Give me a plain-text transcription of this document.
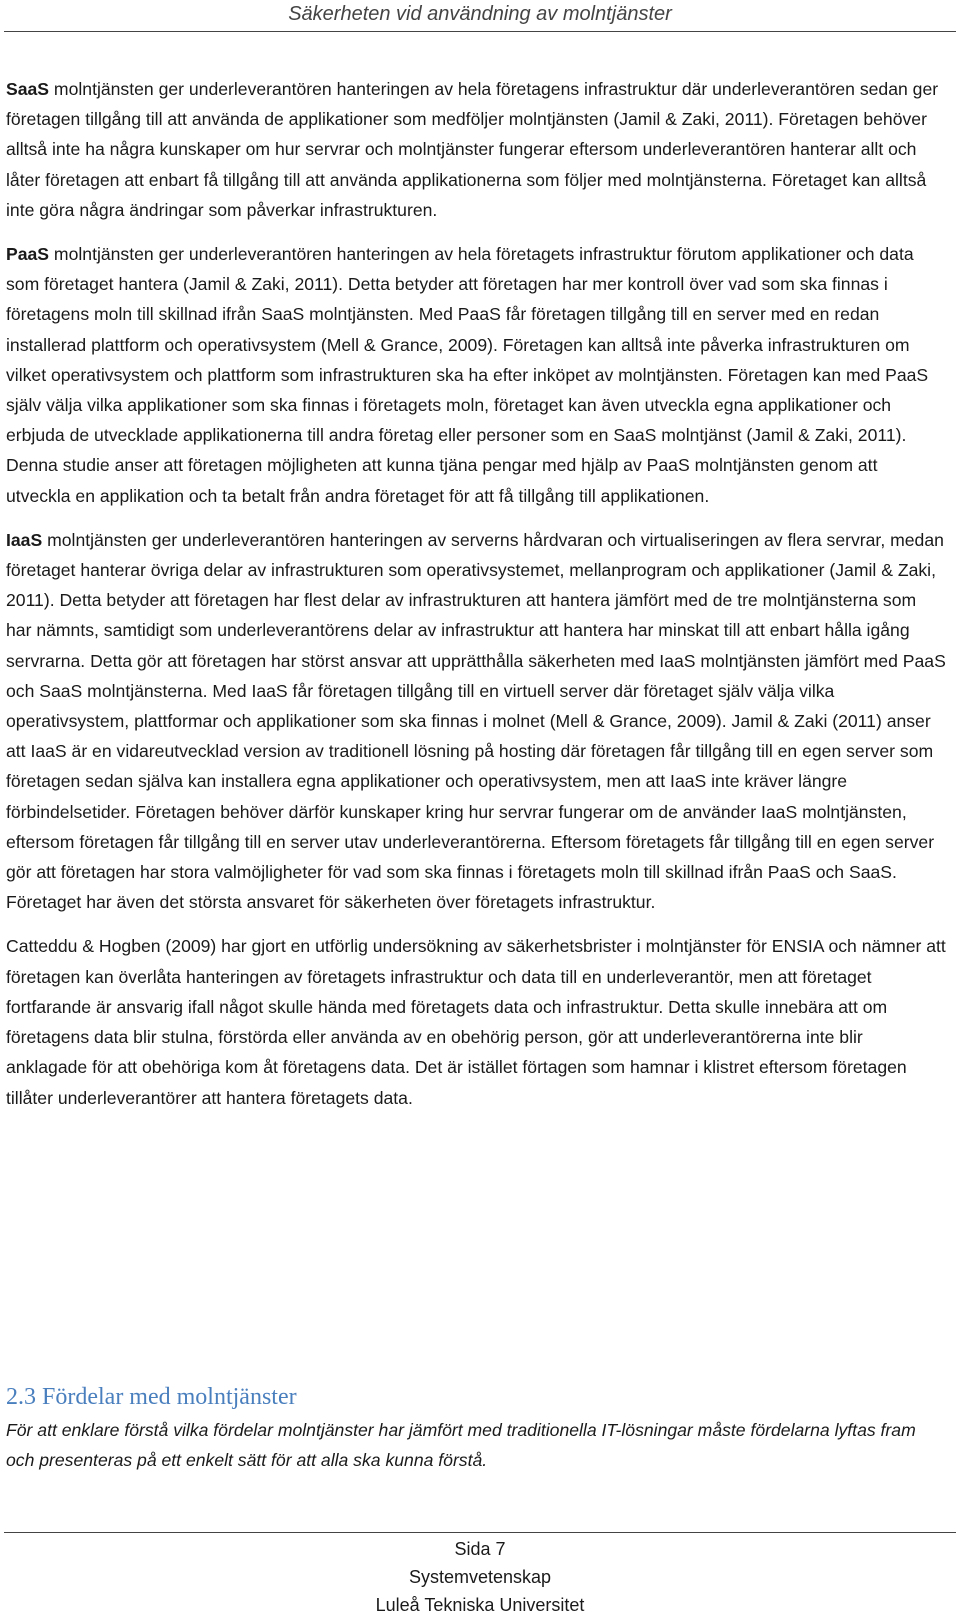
Säkerheten vid användning av molntjänster

SaaS molntjänsten ger underleverantören hanteringen av hela företagens infrastruktur där underleverantören sedan ger företagen tillgång till att använda de applikationer som medföljer molntjänsten (Jamil & Zaki, 2011). Företagen behöver alltså inte ha några kunskaper om hur servrar och molntjänster fungerar eftersom underleverantören hanterar allt och låter företagen att enbart få tillgång till att använda applikationerna som följer med molntjänsterna. Företaget kan alltså inte göra några ändringar som påverkar infrastrukturen.

PaaS molntjänsten ger underleverantören hanteringen av hela företagets infrastruktur förutom applikationer och data som företaget hantera (Jamil & Zaki, 2011). Detta betyder att företagen har mer kontroll över vad som ska finnas i företagens moln till skillnad ifrån SaaS molntjänsten. Med PaaS får företagen tillgång till en server med en redan installerad plattform och operativsystem (Mell & Grance, 2009). Företagen kan alltså inte påverka infrastrukturen om vilket operativsystem och plattform som infrastrukturen ska ha efter inköpet av molntjänsten. Företagen kan med PaaS själv välja vilka applikationer som ska finnas i företagets moln, företaget kan även utveckla egna applikationer och erbjuda de utvecklade applikationerna till andra företag eller personer som en SaaS molntjänst (Jamil & Zaki, 2011). Denna studie anser att företagen möjligheten att kunna tjäna pengar med hjälp av PaaS molntjänsten genom att utveckla en applikation och ta betalt från andra företaget för att få tillgång till applikationen.

IaaS molntjänsten ger underleverantören hanteringen av serverns hårdvaran och virtualiseringen av flera servrar, medan företaget hanterar övriga delar av infrastrukturen som operativsystemet, mellanprogram och applikationer (Jamil & Zaki, 2011). Detta betyder att företagen har flest delar av infrastrukturen att hantera jämfört med de tre molntjänsterna som har nämnts, samtidigt som underleverantörens delar av infrastruktur att hantera har minskat till att enbart hålla igång servrarna. Detta gör att företagen har störst ansvar att upprätthålla säkerheten med IaaS molntjänsten jämfört med PaaS och SaaS molntjänsterna. Med IaaS får företagen tillgång till en virtuell server där företaget själv välja vilka operativsystem, plattformar och applikationer som ska finnas i molnet (Mell & Grance, 2009). Jamil & Zaki (2011) anser att IaaS är en vidareutvecklad version av traditionell lösning på hosting där företagen får tillgång till en egen server som företagen sedan själva kan installera egna applikationer och operativsystem, men att IaaS inte kräver längre förbindelsetider. Företagen behöver därför kunskaper kring hur servrar fungerar om de använder IaaS molntjänsten, eftersom företagen får tillgång till en server utav underleverantörerna. Eftersom företagets får tillgång till en egen server gör att företagen har stora valmöjligheter för vad som ska finnas i företagets moln till skillnad ifrån PaaS och SaaS. Företaget har även det största ansvaret för säkerheten över företagets infrastruktur.

Catteddu & Hogben (2009) har gjort en utförlig undersökning av säkerhetsbrister i molntjänster för ENSIA och nämner att företagen kan överlåta hanteringen av företagets infrastruktur och data till en underleverantör, men att företaget fortfarande är ansvarig ifall något skulle hända med företagets data och infrastruktur. Detta skulle innebära att om företagens data blir stulna, förstörda eller använda av en obehörig person, gör att underleverantörerna inte blir anklagade för att obehöriga kom åt företagens data. Det är istället förtagen som hamnar i klistret eftersom företagen tillåter underleverantörer att hantera företagets data.

2.3 Fördelar med molntjänster
För att enklare förstå vilka fördelar molntjänster har jämfört med traditionella IT-lösningar måste fördelarna lyftas fram och presenteras på ett enkelt sätt för att alla ska kunna förstå.
Sida 7
Systemvetenskap
Luleå Tekniska Universitet
